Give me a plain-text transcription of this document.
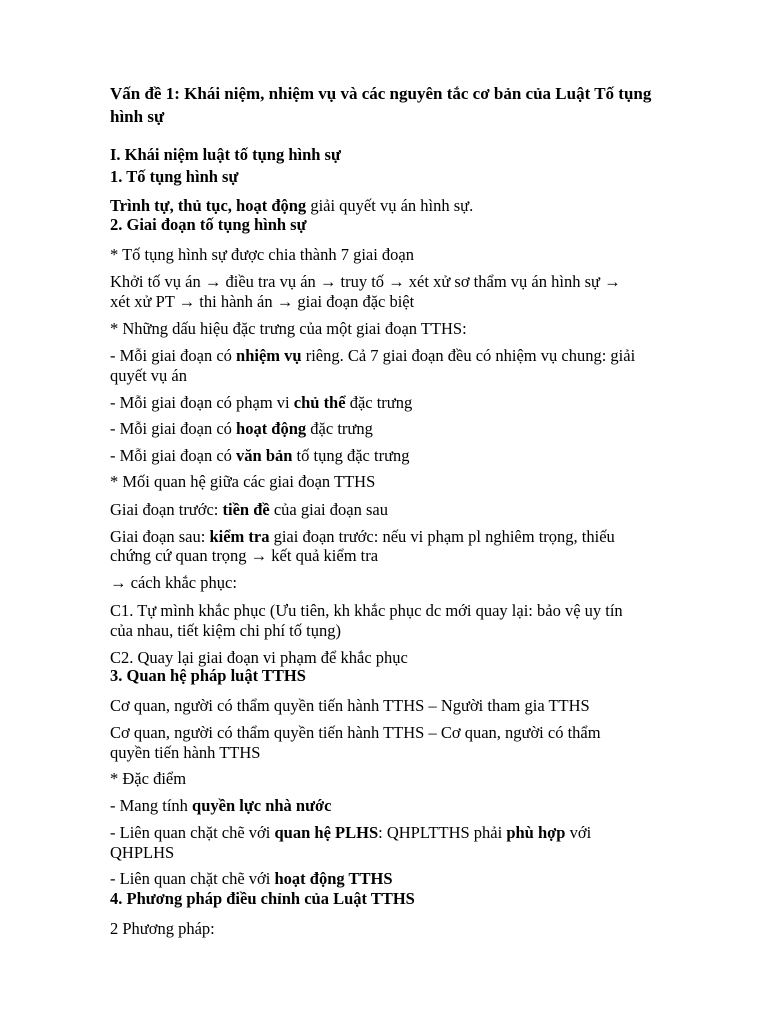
Vấn đề 1: Khái niệm, nhiệm vụ và các nguyên tắc cơ bản của Luật Tố tụng
hình sự
I. Khái niệm luật tố tụng hình sự
1. Tố tụng hình sự
Trình tự, thủ tục, hoạt động giải quyết vụ án hình sự.
2. Giai đoạn tố tụng hình sự
* Tố tụng hình sự được chia thành 7 giai đoạn
Khởi tố vụ án → điều tra vụ án → truy tố → xét xử sơ thẩm vụ án hình sự →
xét xử PT → thi hành án → giai đoạn đặc biệt
* Những dấu hiệu đặc trưng của một giai đoạn TTHS:
- Mỗi giai đoạn có nhiệm vụ riêng. Cả 7 giai đoạn đều có nhiệm vụ chung: giải
quyết vụ án
- Mỗi giai đoạn có phạm vi chủ thể đặc trưng
- Mỗi giai đoạn có hoạt động đặc trưng
- Mỗi giai đoạn có văn bản tố tụng đặc trưng
* Mối quan hệ giữa các giai đoạn TTHS
Giai đoạn trước: tiền đề của giai đoạn sau
Giai đoạn sau: kiểm tra giai đoạn trước: nếu vi phạm pl nghiêm trọng, thiếu
chứng cứ quan trọng → kết quả kiểm tra
→ cách khắc phục:
C1. Tự mình khắc phục (Ưu tiên, kh khắc phục dc mới quay lại: bảo vệ uy tín
của nhau, tiết kiệm chi phí tố tụng)
C2. Quay lại giai đoạn vi phạm để khắc phục
3. Quan hệ pháp luật TTHS
Cơ quan, người có thẩm quyền tiến hành TTHS – Người tham gia TTHS
Cơ quan, người có thẩm quyền tiến hành TTHS – Cơ quan, người có thẩm
quyền tiến hành TTHS
* Đặc điểm
- Mang tính quyền lực nhà nước
- Liên quan chặt chẽ với quan hệ PLHS: QHPLTTHS phải phù hợp với
QHPLHS
- Liên quan chặt chẽ với hoạt động TTHS
4. Phương pháp điều chỉnh của Luật TTHS
2 Phương pháp:
